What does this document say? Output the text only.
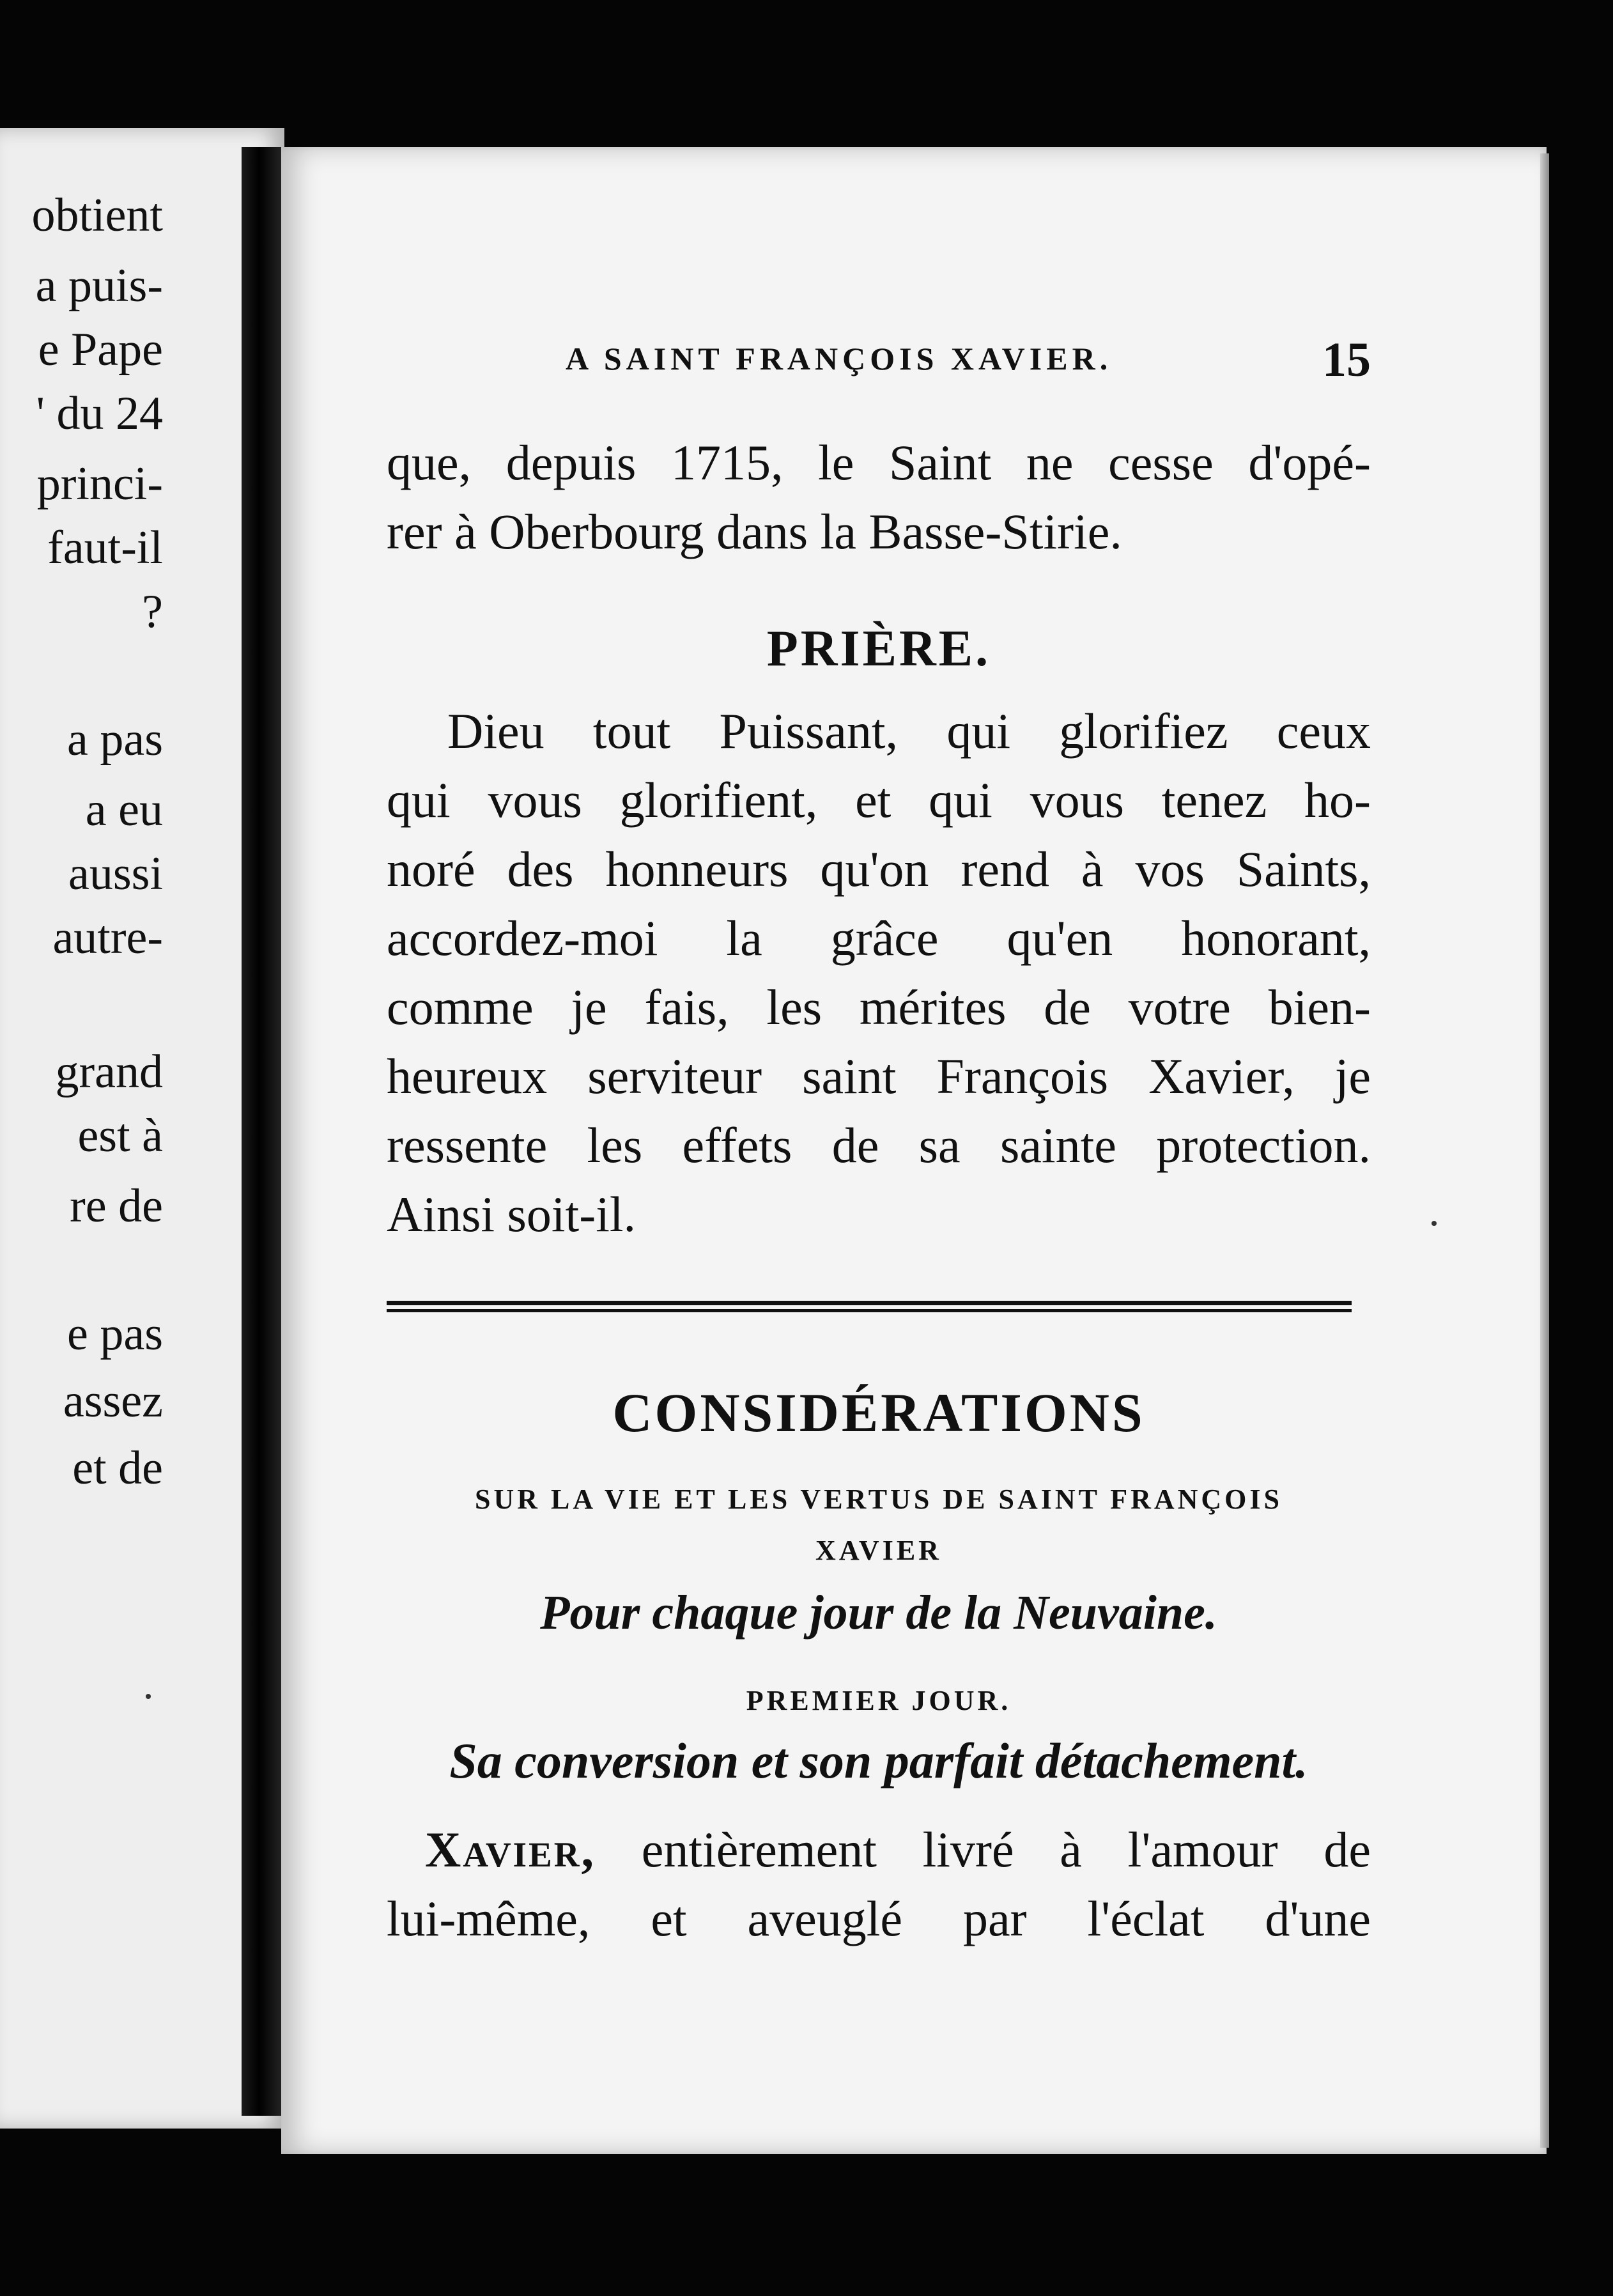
obtient
a puis-
e Pape
' du 24
princi-
faut-il
?
a pas
a eu
aussi
autre-
grand
est à
re de
e pas
assez
et de
A SAINT FRANÇOIS XAVIER.	15
que, depuis 1715, le Saint ne cesse d'opé-
rer à Oberbourg dans la Basse-Stirie.
PRIÈRE.
Dieu tout Puissant, qui glorifiez ceux
qui vous glorifient, et qui vous tenez ho-
noré des honneurs qu'on rend à vos Saints,
accordez-moi la grâce qu'en honorant,
comme je fais, les mérites de votre bien-
heureux serviteur saint François Xavier, je
ressente les effets de sa sainte protection.
Ainsi soit-il.
CONSIDÉRATIONS
SUR LA VIE ET LES VERTUS DE SAINT FRANÇOIS
XAVIER
Pour chaque jour de la Neuvaine.
PREMIER JOUR.
Sa conversion et son parfait détachement.
Xavier, entièrement livré à l'amour de
lui-même, et aveuglé par l'éclat d'une
